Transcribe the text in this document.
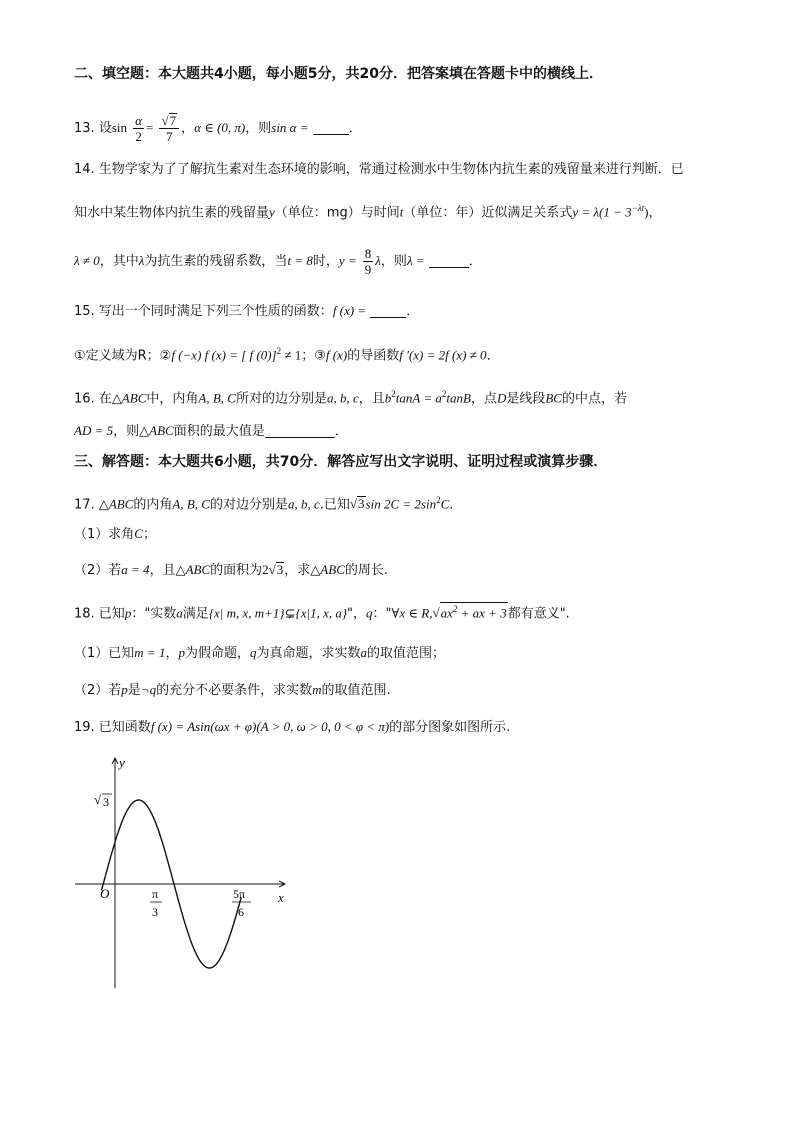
二、填空题：本大题共4小题，每小题5分，共20分．把答案填在答题卡中的横线上．
13. 设$\sin \frac{\alpha}{2} = \frac{√7}{7}$ ，α ∈ (0, π)，则sin α =	．
14. 生物学家为了了解抗生素对生态环境的影响，常通过检测水中生物体内抗生素的残留量来进行判断．已
知水中某生物体内抗生素的残留量y（单位：mg）与时间t（单位：年）近似满足关系式$y = \lambda(1 - 3^{-\lambda t})$，
λ ≠ 0，其中λ为抗生素的残留系数，当t = 8时，$y = \frac{8}{9}$ λ，则λ =	．
15. 写出一个同时满足下列三个性质的函数：f (x) =	．
①定义域为R；②f (−x) f (x) = [ f (0)]$^2$ ≠ 1；③f (x)的导函数f ′(x) = 2f (x) ≠ 0．
16. 在△ABC中，内角A, B, C所对的边分别是a, b, c，且$b^2\tan A = a^2\tan B$，点D是线段BC的中点，若
AD = 5，则△ABC面积的最大值是	．
三、解答题：本大题共6小题，共70分．解答应写出文字说明、证明过程或演算步骤．
17. △ABC的内角A, B, C的对边分别是a, b, c.已知√3sin $2C = 2\sin^2C$.
（1）求角C；
（2）若a = 4，且△ABC的面积为2√3，求△ABC的周长.
18. 已知p："实数a满足{x| m, x, m+1}⊊{x|1, x, a}"，q："∀x ∈ $R,√ax^2$ + ax + 3都有意义".
（1）已知m = 1，p为假命题，q为真命题，求实数a的取值范围；
（2）若p是¬q的充分不必要条件，求实数m的取值范围.
19. 已知函数f (x) = Asin(ωx + φ)(A > 0, ω > 0, 0 < φ < π)的部分图象如图所示.
y
x
O
√ 3
π
3
5π
6
